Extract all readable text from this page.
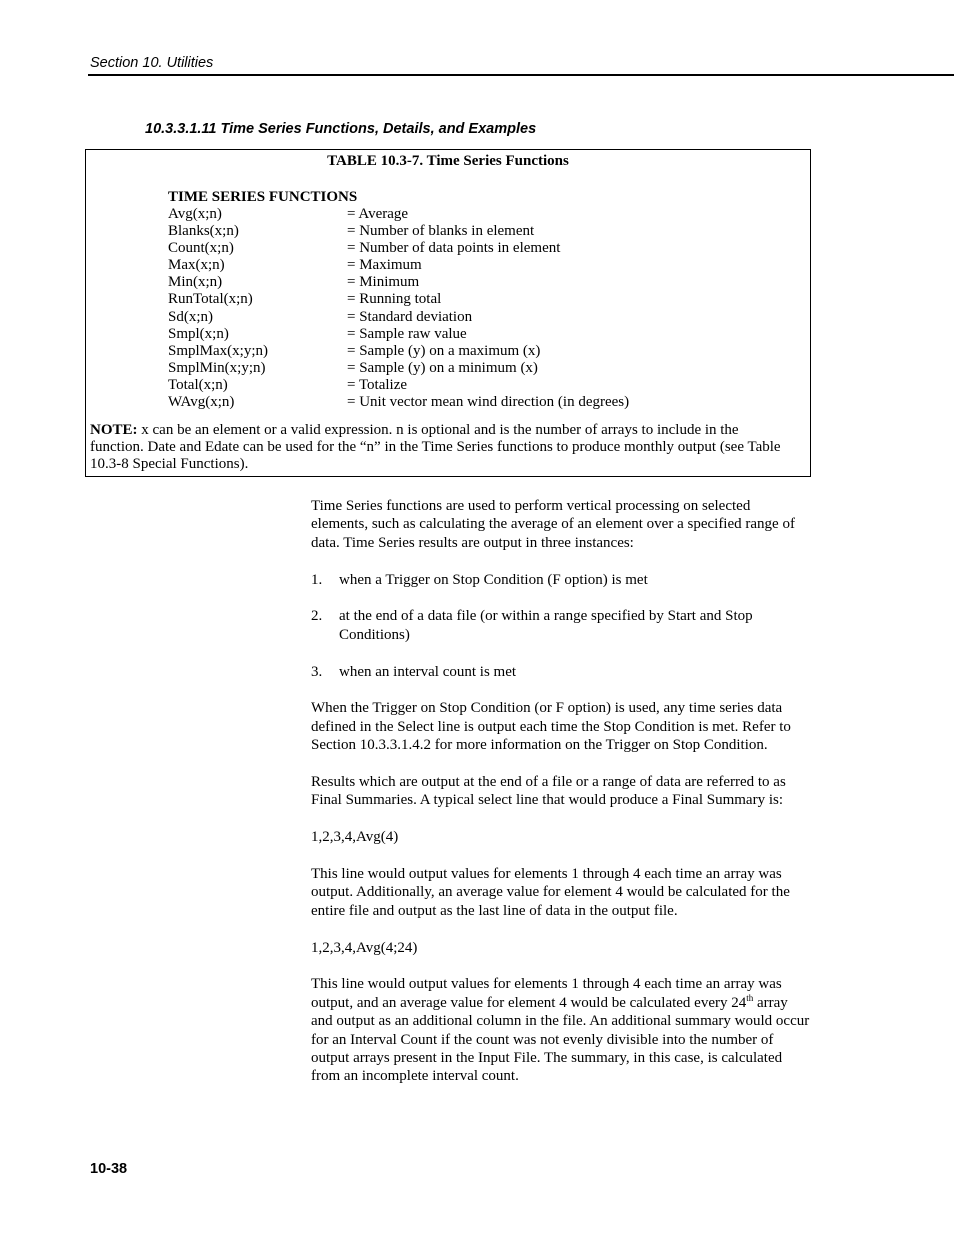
Section 10. Utilities
10.3.3.1.11 Time Series Functions, Details, and Examples
TABLE 10.3-7. Time Series Functions
TIME SERIES FUNCTIONS
Avg(x;n)	= Average
Blanks(x;n)	= Number of blanks in element
Count(x;n)	= Number of data points in element
Max(x;n)	= Maximum
Min(x;n)	= Minimum
RunTotal(x;n)	= Running total
Sd(x;n)	= Standard deviation
Smpl(x;n)	= Sample raw value
SmplMax(x;y;n)	= Sample (y) on a maximum (x)
SmplMin(x;y;n)	= Sample (y) on a minimum (x)
Total(x;n)	= Totalize
WAvg(x;n)	= Unit vector mean wind direction (in degrees)
NOTE: x can be an element or a valid expression. n is optional and is the number of arrays to include in the function. Date and Edate can be used for the “n” in the Time Series functions to produce monthly output (see Table 10.3-8 Special Functions).

Time Series functions are used to perform vertical processing on selected elements, such as calculating the average of an element over a specified range of data. Time Series results are output in three instances:

1.	when a Trigger on Stop Condition (F option) is met
2.	at the end of a data file (or within a range specified by Start and Stop Conditions)
3.	when an interval count is met

When the Trigger on Stop Condition (or F option) is used, any time series data defined in the Select line is output each time the Stop Condition is met. Refer to Section 10.3.3.1.4.2 for more information on the Trigger on Stop Condition.

Results which are output at the end of a file or a range of data are referred to as Final Summaries. A typical select line that would produce a Final Summary is:

1,2,3,4,Avg(4)

This line would output values for elements 1 through 4 each time an array was output. Additionally, an average value for element 4 would be calculated for the entire file and output as the last line of data in the output file.

1,2,3,4,Avg(4;24)

This line would output values for elements 1 through 4 each time an array was output, and an average value for element 4 would be calculated every 24th array and output as an additional column in the file. An additional summary would occur for an Interval Count if the count was not evenly divisible into the number of output arrays present in the Input File. The summary, in this case, is calculated from an incomplete interval count.

10-38
